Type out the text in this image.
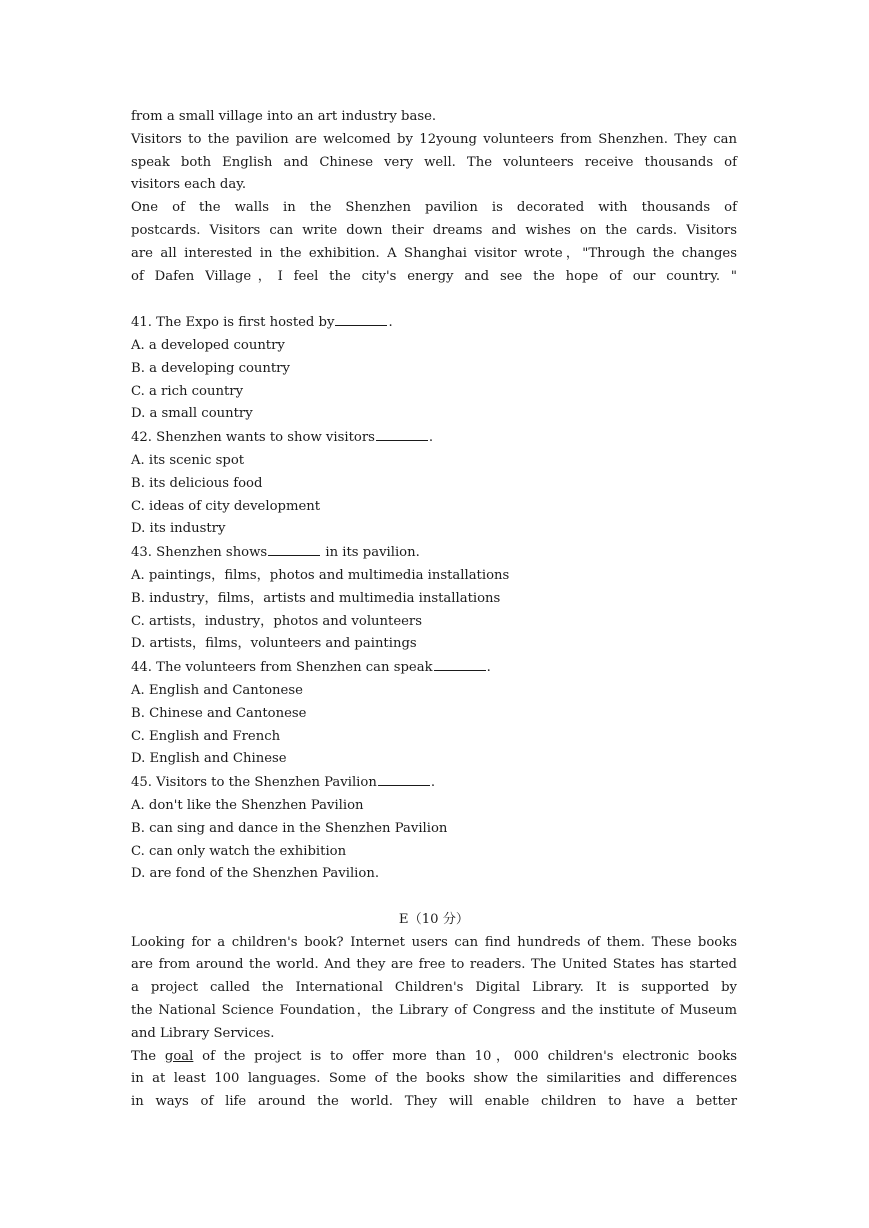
from a small village into an art industry base.
Visitors to the pavilion are welcomed by 12young volunteers from Shenzhen. They can
speak both English and Chinese very well. The volunteers receive thousands of
visitors each day.
One of the walls in the Shenzhen pavilion is decorated with thousands of
postcards. Visitors can write down their dreams and wishes on the cards. Visitors
are all interested in the exhibition. A Shanghai visitor wrote，"Through the changes
of Dafen Village，I feel the city's energy and see the hope of our country. "
41. The Expo is first hosted by	.
A. a developed country
B. a developing country
C. a rich country
D. a small country
42. Shenzhen wants to show visitors	.
A. its scenic spot
B. its delicious food
C. ideas of city development
D. its industry
43. Shenzhen shows	in its pavilion.
A. paintings，films，photos and multimedia installations
B. industry，films，artists and multimedia installations
C. artists，industry，photos and volunteers
D. artists，films，volunteers and paintings
44. The volunteers from Shenzhen can speak	.
A. English and Cantonese
B. Chinese and Cantonese
C. English and French
D. English and Chinese
45. Visitors to the Shenzhen Pavilion	.
A. don't like the Shenzhen Pavilion
B. can sing and dance in the Shenzhen Pavilion
C. can only watch the exhibition
D. are fond of the Shenzhen Pavilion.
E（10 分）
Looking for a children's book? Internet users can find hundreds of them. These books
are from around the world. And they are free to readers. The United States has started
a project called the International Children's Digital Library. It is supported by
the National Science Foundation，the Library of Congress and the institute of Museum
and Library Services.
The goal of the project is to offer more than 10，000 children's electronic books
in at least 100 languages. Some of the books show the similarities and differences
in ways of life around the world. They will enable children to have a better
